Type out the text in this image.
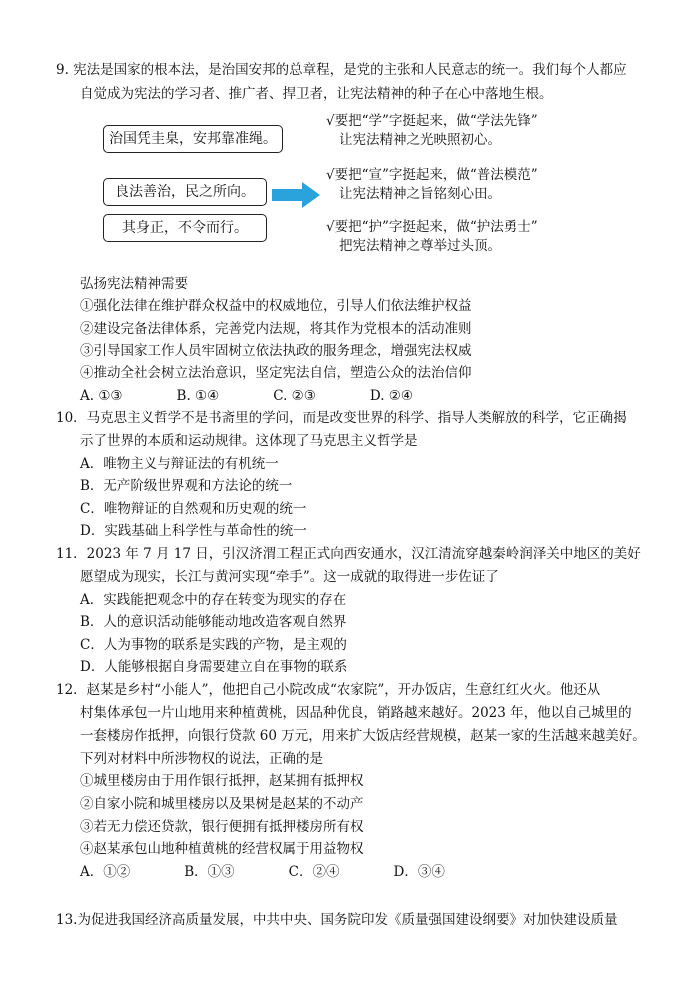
9. 宪法是国家的根本法，是治国安邦的总章程，是党的主张和人民意志的统一。我们每个人都应
自觉成为宪法的学习者、推广者、捍卫者，让宪法精神的种子在心中落地生根。
治国凭圭臬，安邦靠准绳。
良法善治，民之所向。
其身正，不令而行。
√要把“学”字挺起来，做“学法先锋”
让宪法精神之光映照初心。
√要把“宣”字挺起来，做“普法模范”
让宪法精神之旨铭刻心田。
√要把“护”字挺起来，做“护法勇士”
把宪法精神之尊举过头顶。
弘扬宪法精神需要
①强化法律在维护群众权益中的权威地位，引导人们依法维护权益
②建设完备法律体系，完善党内法规，将其作为党根本的活动准则
③引导国家工作人员牢固树立依法执政的服务理念，增强宪法权威
④推动全社会树立法治意识，坚定宪法自信，塑造公众的法治信仰
A. ①③　　　　B. ①④　　　　C. ②③　　　　D. ②④
10．马克思主义哲学不是书斋里的学问，而是改变世界的科学、指导人类解放的科学，它正确揭
示了世界的本质和运动规律。这体现了马克思主义哲学是
A．唯物主义与辩证法的有机统一
B．无产阶级世界观和方法论的统一
C．唯物辩证的自然观和历史观的统一
D．实践基础上科学性与革命性的统一
11．2023 年 7 月 17 日，引汉济渭工程正式向西安通水，汉江清流穿越秦岭润泽关中地区的美好
愿望成为现实，长江与黄河实现“牵手”。这一成就的取得进一步佐证了
A．实践能把观念中的存在转变为现实的存在
B．人的意识活动能够能动地改造客观自然界
C．人为事物的联系是实践的产物，是主观的
D．人能够根据自身需要建立自在事物的联系
12．赵某是乡村“小能人”，他把自己小院改成“农家院”，开办饭店，生意红红火火。他还从
村集体承包一片山地用来种植黄桃，因品种优良，销路越来越好。2023 年，他以自己城里的
一套楼房作抵押，向银行贷款 60 万元，用来扩大饭店经营规模，赵某一家的生活越来越美好。
下列对材料中所涉物权的说法，正确的是
①城里楼房由于用作银行抵押，赵某拥有抵押权
②自家小院和城里楼房以及果树是赵某的不动产
③若无力偿还贷款，银行便拥有抵押楼房所有权
④赵某承包山地种植黄桃的经营权属于用益物权
A．①②　　　　B．①③　　　　C．②④　　　　D．③④
13.为促进我国经济高质量发展，中共中央、国务院印发《质量强国建设纲要》对加快建设质量
